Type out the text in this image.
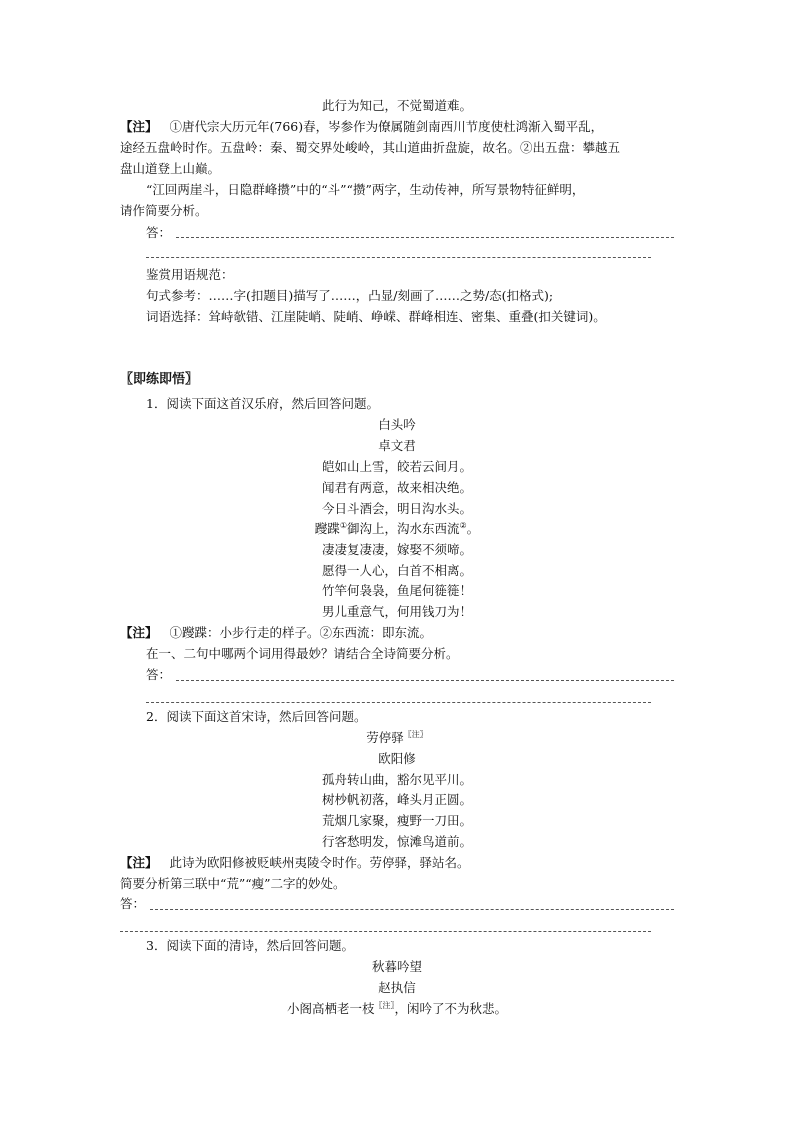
此行为知己，不觉蜀道难。
【注】 ①唐代宗大历元年(766)春，岑参作为僚属随剑南西川节度使杜鸿渐入蜀平乱，
途经五盘岭时作。五盘岭：秦、蜀交界处峻岭，其山道曲折盘旋，故名。②出五盘：攀越五
盘山道登上山巅。
“江回两崖斗，日隐群峰攒”中的“斗”“攒”两字，生动传神，所写景物特征鲜明，
请作简要分析。
答：
鉴赏用语规范：
句式参考：……字(扣题目)描写了……，凸显/刻画了……之势/态(扣格式);
词语选择：耸峙欹错、江崖陡峭、陡峭、峥嵘、群峰相连、密集、重叠(扣关键词)。
〖即练即悟〗
1．阅读下面这首汉乐府，然后回答问题。
白头吟
卓文君
皑如山上雪，皎若云间月。
闻君有两意，故来相决绝。
今日斗酒会，明日沟水头。
躞蹀①御沟上，沟水东西流②。
凄凄复凄凄，嫁娶不须啼。
愿得一人心，白首不相离。
竹竿何袅袅，鱼尾何簁簁！
男儿重意气，何用钱刀为！
【注】 ①躞蹀：小步行走的样子。②东西流：即东流。
在一、二句中哪两个词用得最妙？请结合全诗简要分析。
答：
2．阅读下面这首宋诗，然后回答问题。
劳停驿$^{〖注〗}$
欧阳修
孤舟转山曲，豁尔见平川。
树杪帆初落，峰头月正圆。
荒烟几家聚，瘦野一刀田。
行客愁明发，惊滩鸟道前。
【注】 此诗为欧阳修被贬峡州夷陵令时作。劳停驿，驿站名。
简要分析第三联中“荒”“瘦”二字的妙处。
答：
3．阅读下面的清诗，然后回答问题。
秋暮吟望
赵执信
小阁高栖老一枝$^{〖注〗}$，闲吟了不为秋悲。
